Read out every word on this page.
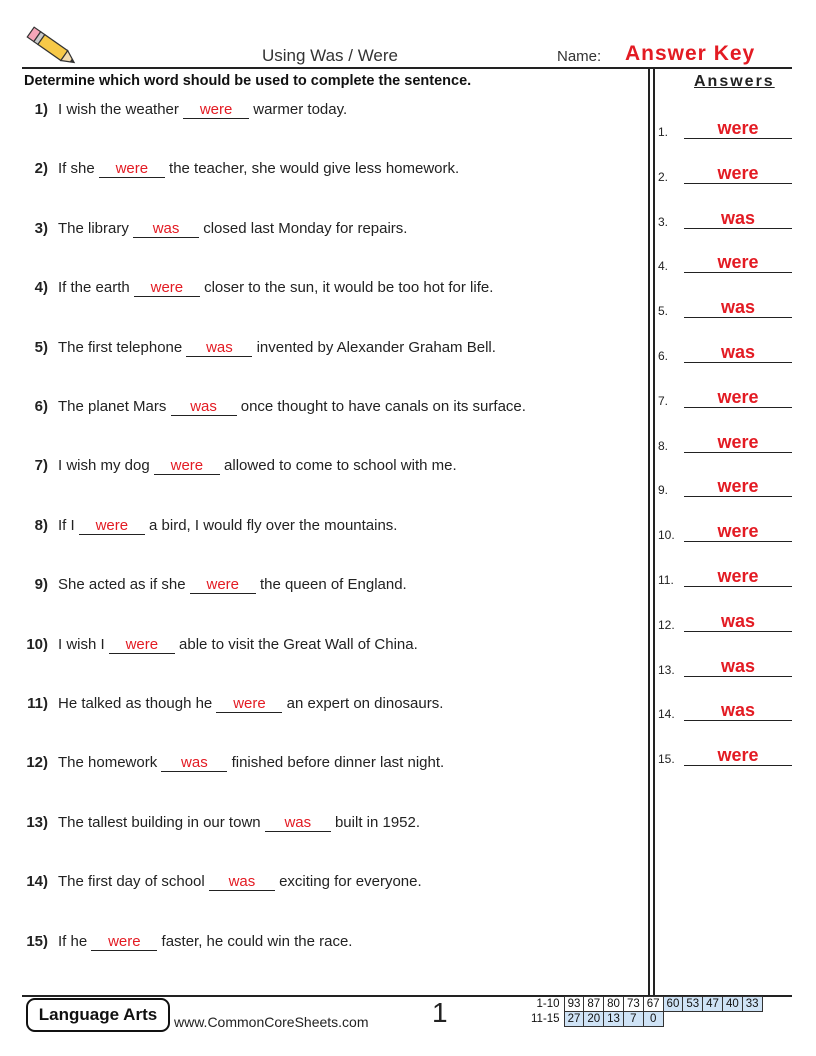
Using Was / Were	Name: Answer Key
Determine which word should be used to complete the sentence.	Answers
1) I wish the weather were warmer today.
2) If she were the teacher, she would give less homework.
3) The library was closed last Monday for repairs.
4) If the earth were closer to the sun, it would be too hot for life.
5) The first telephone was invented by Alexander Graham Bell.
6) The planet Mars was once thought to have canals on its surface.
7) I wish my dog were allowed to come to school with me.
8) If I were a bird, I would fly over the mountains.
9) She acted as if she were the queen of England.
10) I wish I were able to visit the Great Wall of China.
11) He talked as though he were an expert on dinosaurs.
12) The homework was finished before dinner last night.
13) The tallest building in our town was built in 1952.
14) The first day of school was exciting for everyone.
15) If he were faster, he could win the race.
1.	were
2.	were
3.	was
4.	were
5.	was
6.	was
7.	were
8.	were
9.	were
10.	were
11.	were
12.	was
13.	was
14.	was
15.	were
Language Arts	www.CommonCoreSheets.com 1	1-10	93	87	80	73	67	60	53	47	40	33
11-15	27	20	13	7	0					
